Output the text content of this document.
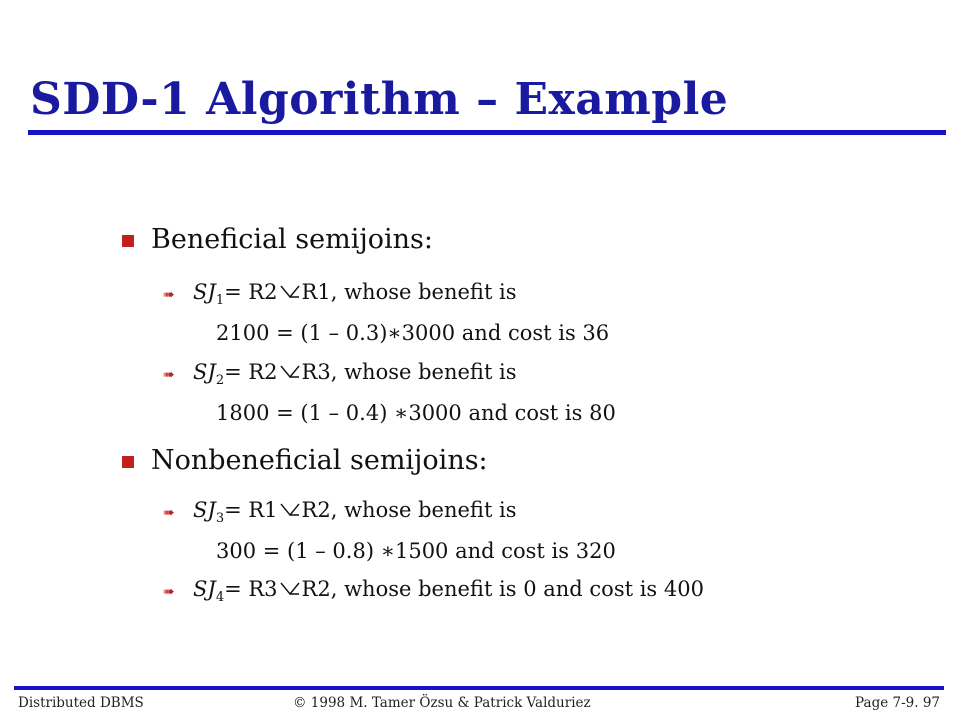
SDD-1 Algorithm – Example
Beneficial semijoins:
➠ $SJ_1 = R2$ R1 , whose benefit is
2100 = (1 – 0.3)∗3000 and cost is 36
➠ $SJ_2 = R2$ R3 , whose benefit is
1800 = (1 – 0.4) ∗3000 and cost is 80
Nonbeneficial semijoins:
➠ $SJ_3 = R1$ R2 , whose benefit is
300 = (1 – 0.8) ∗1500 and cost is 320
➠ $SJ_4 = R3$ R2 , whose benefit is 0 and cost is 400
Distributed DBMS	© 1998 M. Tamer Özsu & Patrick Valduriez	Page 7-9. 97
